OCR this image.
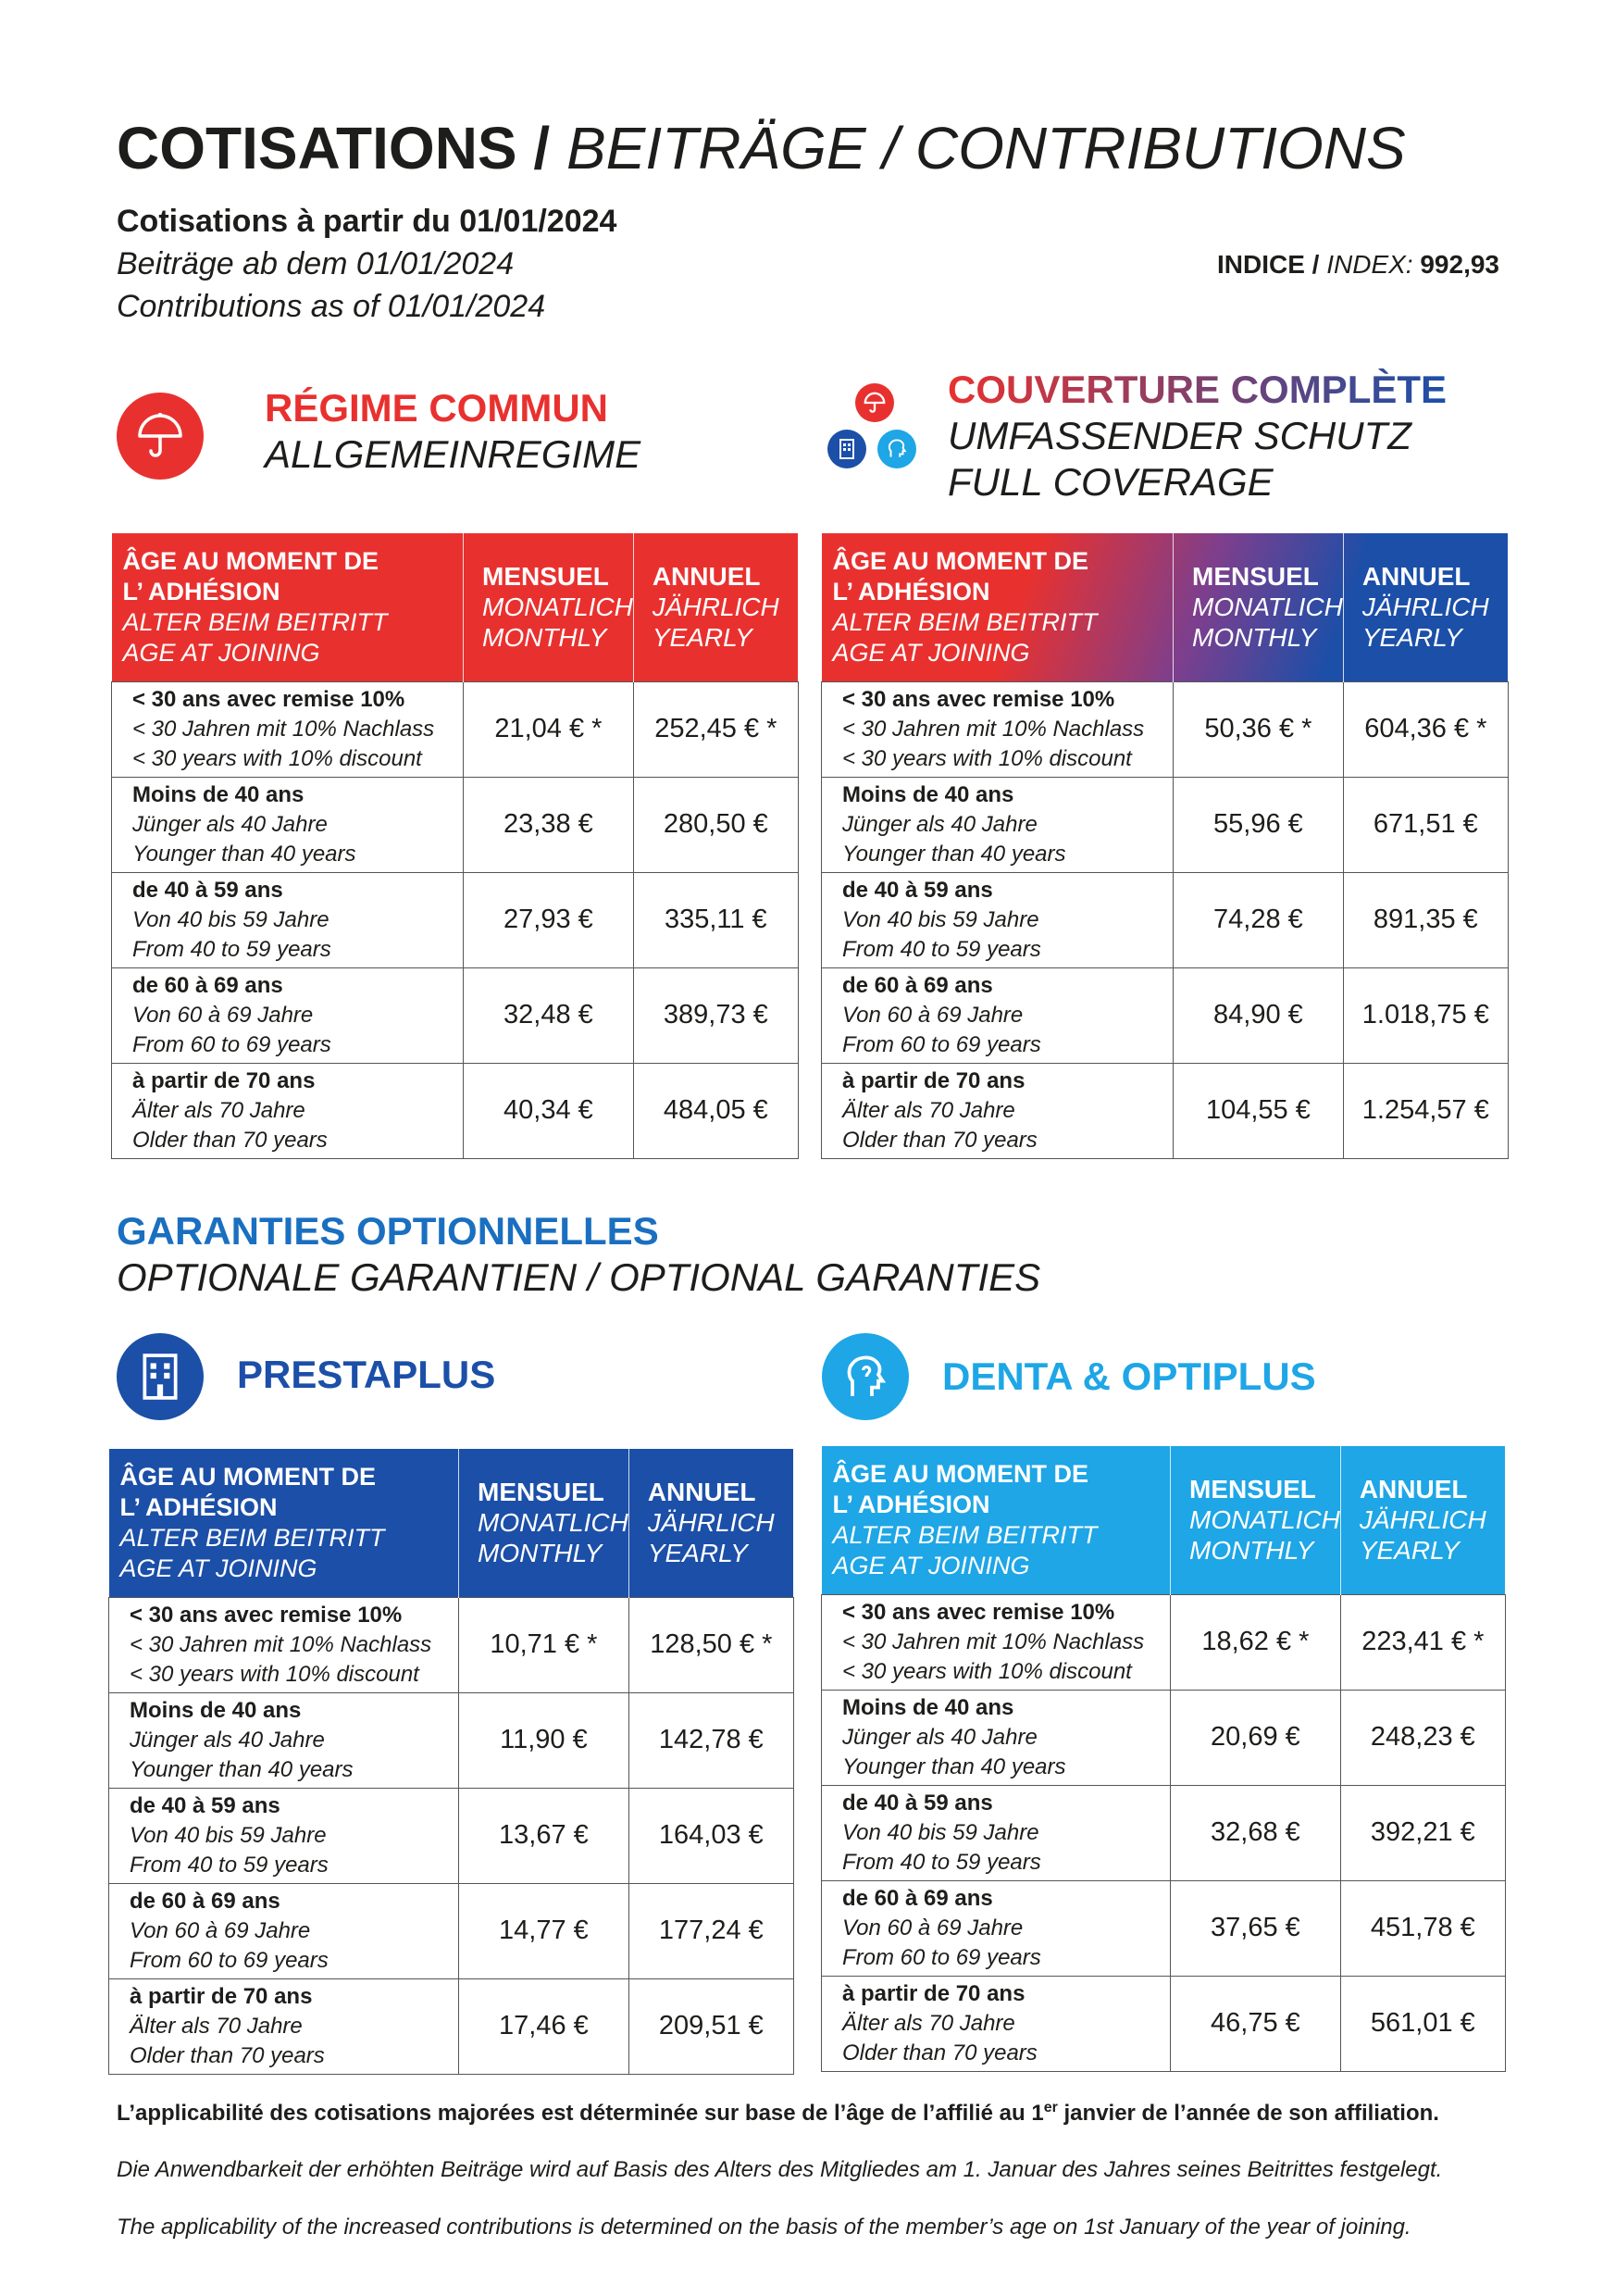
COTISATIONS / BEITRÄGE / CONTRIBUTIONS
Cotisations à partir du 01/01/2024
Beiträge ab dem 01/01/2024
Contributions as of 01/01/2024
INDICE / INDEX: 992,93
RÉGIME COMMUN
ALLGEMEINREGIME
COUVERTURE COMPLÈTE
UMFASSENDER SCHUTZ
FULL COVERAGE
ÂGE AU MOMENT DE
L’ ADHÉSION
ALTER BEIM BEITRITT
AGE AT JOINING	MENSUEL
MONATLICH
MONTHLY	ANNUEL
JÄHRLICH
YEARLY

< 30 ans avec remise 10%
< 30 Jahren mit 10% Nachlass
< 30 years with 10% discount	21,04 € *	252,45 € *

Moins de 40 ans
Jünger als 40 Jahre
Younger than 40 years	23,38 €	280,50 €

de 40 à 59 ans
Von 40 bis 59 Jahre
From 40 to 59 years	27,93 €	335,11 €

de 60 à 69 ans
Von 60 à 69 Jahre
From 60 to 69 years	32,48 €	389,73 €

à partir de 70 ans
Älter als 70 Jahre
Older than 70 years	40,34 €	484,05 €
ÂGE AU MOMENT DE
L’ ADHÉSION
ALTER BEIM BEITRITT
AGE AT JOINING	MENSUEL
MONATLICH
MONTHLY	ANNUEL
JÄHRLICH
YEARLY

< 30 ans avec remise 10%
< 30 Jahren mit 10% Nachlass
< 30 years with 10% discount	50,36 € *	604,36 € *

Moins de 40 ans
Jünger als 40 Jahre
Younger than 40 years	55,96 €	671,51 €

de 40 à 59 ans
Von 40 bis 59 Jahre
From 40 to 59 years	74,28 €	891,35 €

de 60 à 69 ans
Von 60 à 69 Jahre
From 60 to 69 years	84,90 €	1.018,75 €

à partir de 70 ans
Älter als 70 Jahre
Older than 70 years	104,55 €	1.254,57 €
ÂGE AU MOMENT DE
L’ ADHÉSION
ALTER BEIM BEITRITT
AGE AT JOINING	MENSUEL
MONATLICH
MONTHLY	ANNUEL
JÄHRLICH
YEARLY

< 30 ans avec remise 10%
< 30 Jahren mit 10% Nachlass
< 30 years with 10% discount	10,71 € *	128,50 € *

Moins de 40 ans
Jünger als 40 Jahre
Younger than 40 years	11,90 €	142,78 €

de 40 à 59 ans
Von 40 bis 59 Jahre
From 40 to 59 years	13,67 €	164,03 €

de 60 à 69 ans
Von 60 à 69 Jahre
From 60 to 69 years	14,77 €	177,24 €

à partir de 70 ans
Älter als 70 Jahre
Older than 70 years	17,46 €	209,51 €
ÂGE AU MOMENT DE
L’ ADHÉSION
ALTER BEIM BEITRITT
AGE AT JOINING	MENSUEL
MONATLICH
MONTHLY	ANNUEL
JÄHRLICH
YEARLY

< 30 ans avec remise 10%
< 30 Jahren mit 10% Nachlass
< 30 years with 10% discount	18,62 € *	223,41 € *

Moins de 40 ans
Jünger als 40 Jahre
Younger than 40 years	20,69 €	248,23 €

de 40 à 59 ans
Von 40 bis 59 Jahre
From 40 to 59 years	32,68 €	392,21 €

de 60 à 69 ans
Von 60 à 69 Jahre
From 60 to 69 years	37,65 €	451,78 €

à partir de 70 ans
Älter als 70 Jahre
Older than 70 years	46,75 €	561,01 €
GARANTIES OPTIONNELLES
OPTIONALE GARANTIEN / OPTIONAL GARANTIES
PRESTAPLUS	DENTA & OPTIPLUS
L’applicabilité des cotisations majorées est déterminée sur base de l’âge de l’affilié au 1er janvier de l’année de son affiliation.
Die Anwendbarkeit der erhöhten Beiträge wird auf Basis des Alters des Mitgliedes am 1. Januar des Jahres seines Beitrittes festgelegt.
The applicability of the increased contributions is determined on the basis of the member’s age on 1st January of the year of joining.
